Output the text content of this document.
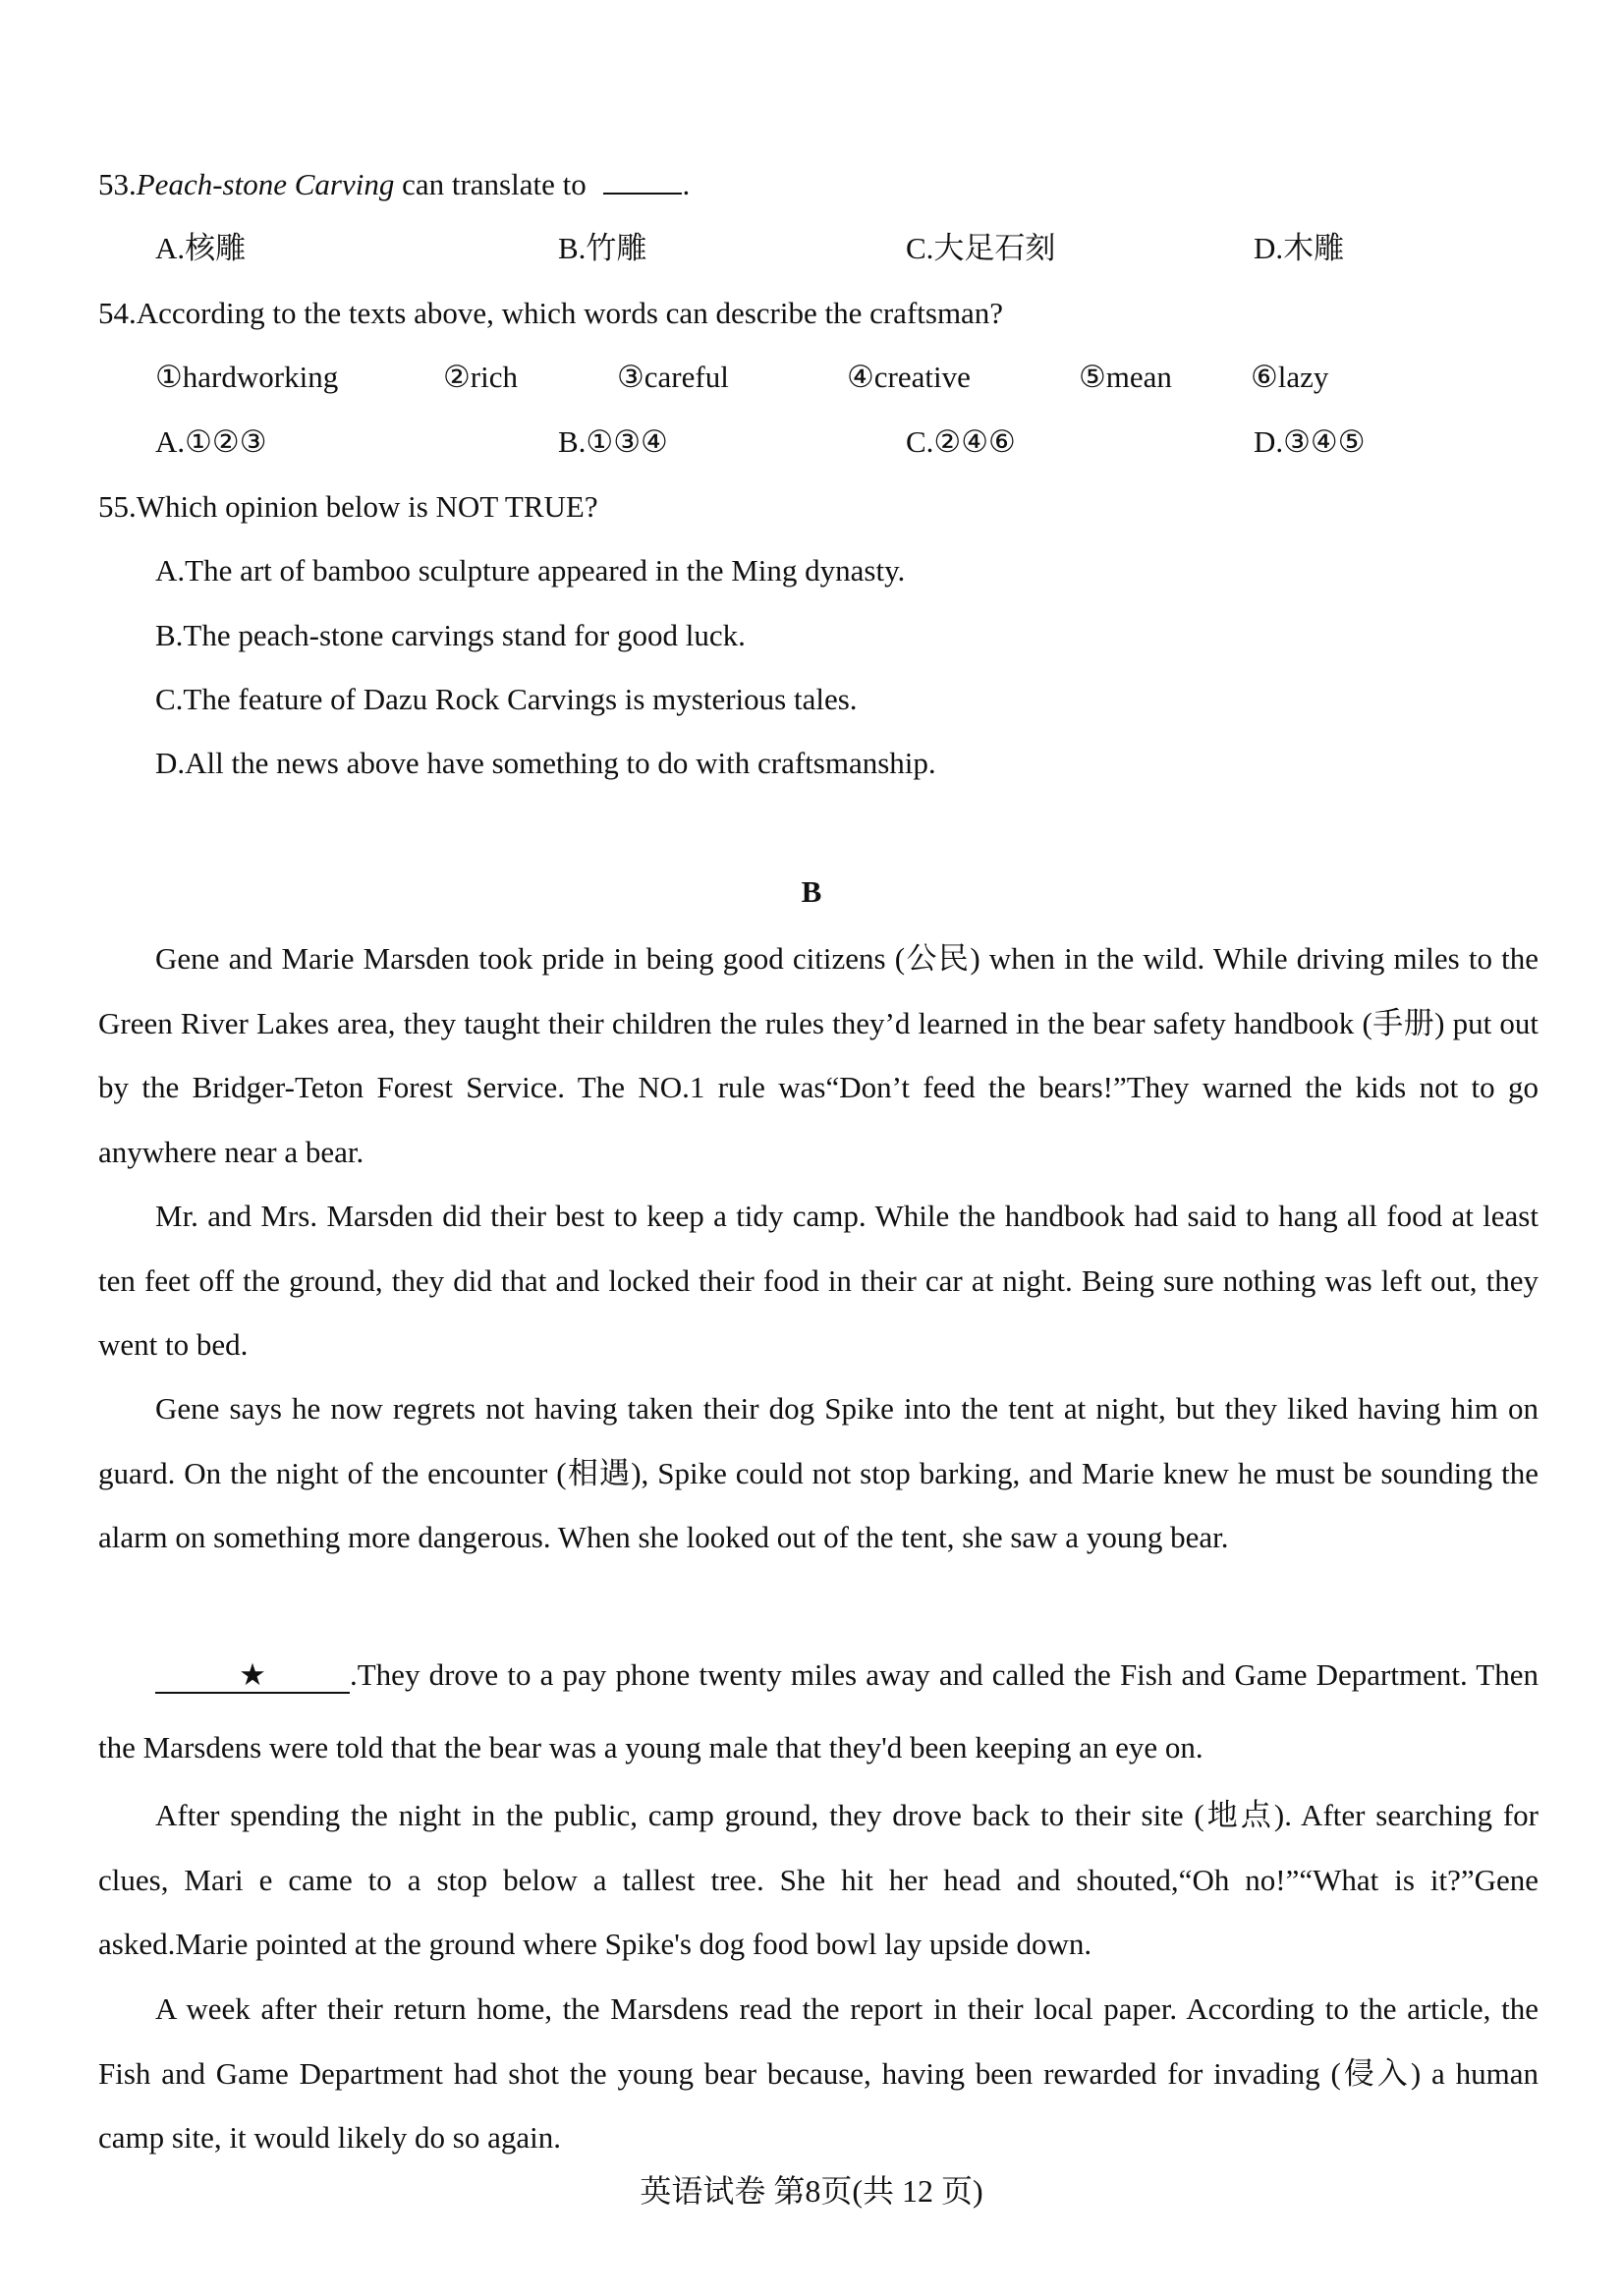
53.Peach-stone Carving can translate to	.
A.核雕	B.竹雕	C.大足石刻	D.木雕
54.According to the texts above, which words can describe the craftsman?
①hardworking	②rich	③careful	④creative	⑤mean	⑥lazy
A.①②③	B.①③④	C.②④⑥	D.③④⑤
55.Which opinion below is NOT TRUE?
A.The art of bamboo sculpture appeared in the Ming dynasty.
B.The peach-stone carvings stand for good luck.
C.The feature of Dazu Rock Carvings is mysterious tales.
D.All the news above have something to do with craftsmanship.
B
Gene and Marie Marsden took pride in being good citizens (公民) when in the wild. While driving miles to the Green River Lakes area, they taught their children the rules they’d learned in the bear safety handbook (手册) put out by the Bridger-Teton Forest Service. The NO.1 rule was“Don’t feed the bears!”They warned the kids not to go anywhere near a bear.
Mr. and Mrs. Marsden did their best to keep a tidy camp. While the handbook had said to hang all food at least ten feet off the ground, they did that and locked their food in their car at night. Being sure nothing was left out, they went to bed.
Gene says he now regrets not having taken their dog Spike into the tent at night, but they liked having him on guard. On the night of the encounter (相遇), Spike could not stop barking, and Marie knew he must be sounding the alarm on something more dangerous. When she looked out of the tent, she saw a young bear.
★	.They drove to a pay phone twenty miles away and called the Fish and Game Department. Then the Marsdens were told that the bear was a young male that they'd been keeping an eye on.
After spending the night in the public, camp ground, they drove back to their site (地点). After searching for clues, Mari e came to a stop below a tallest tree. She hit her head and shouted,“Oh no!”“What is it?”Gene asked.Marie pointed at the ground where Spike's dog food bowl lay upside down.
A week after their return home, the Marsdens read the report in their local paper. According to the article, the Fish and Game Department had shot the young bear because, having been rewarded for invading (侵入) a human camp site, it would likely do so again.
英语试卷 第8页(共 12 页)
